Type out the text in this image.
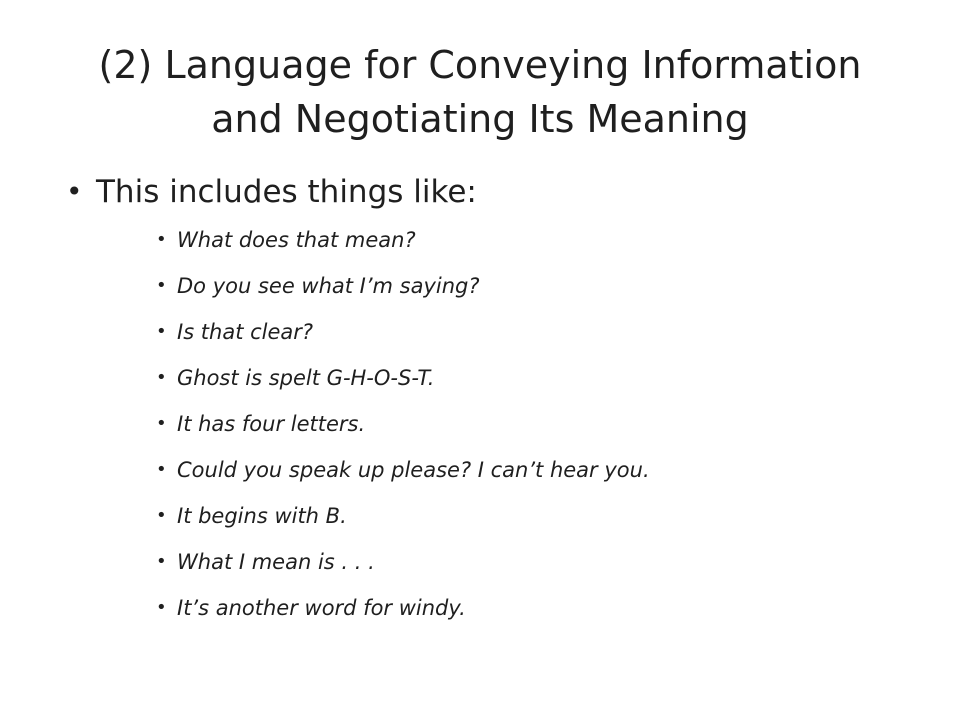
(2) Language for Conveying Information
and Negotiating Its Meaning

• This includes things like:

• What does that mean?
• Do you see what I’m saying?
• Is that clear?
• Ghost is spelt G-H-O-S-T.
• It has four letters.
• Could you speak up please? I can’t hear you.
• It begins with B.
• What I mean is . . .
• It’s another word for windy.
